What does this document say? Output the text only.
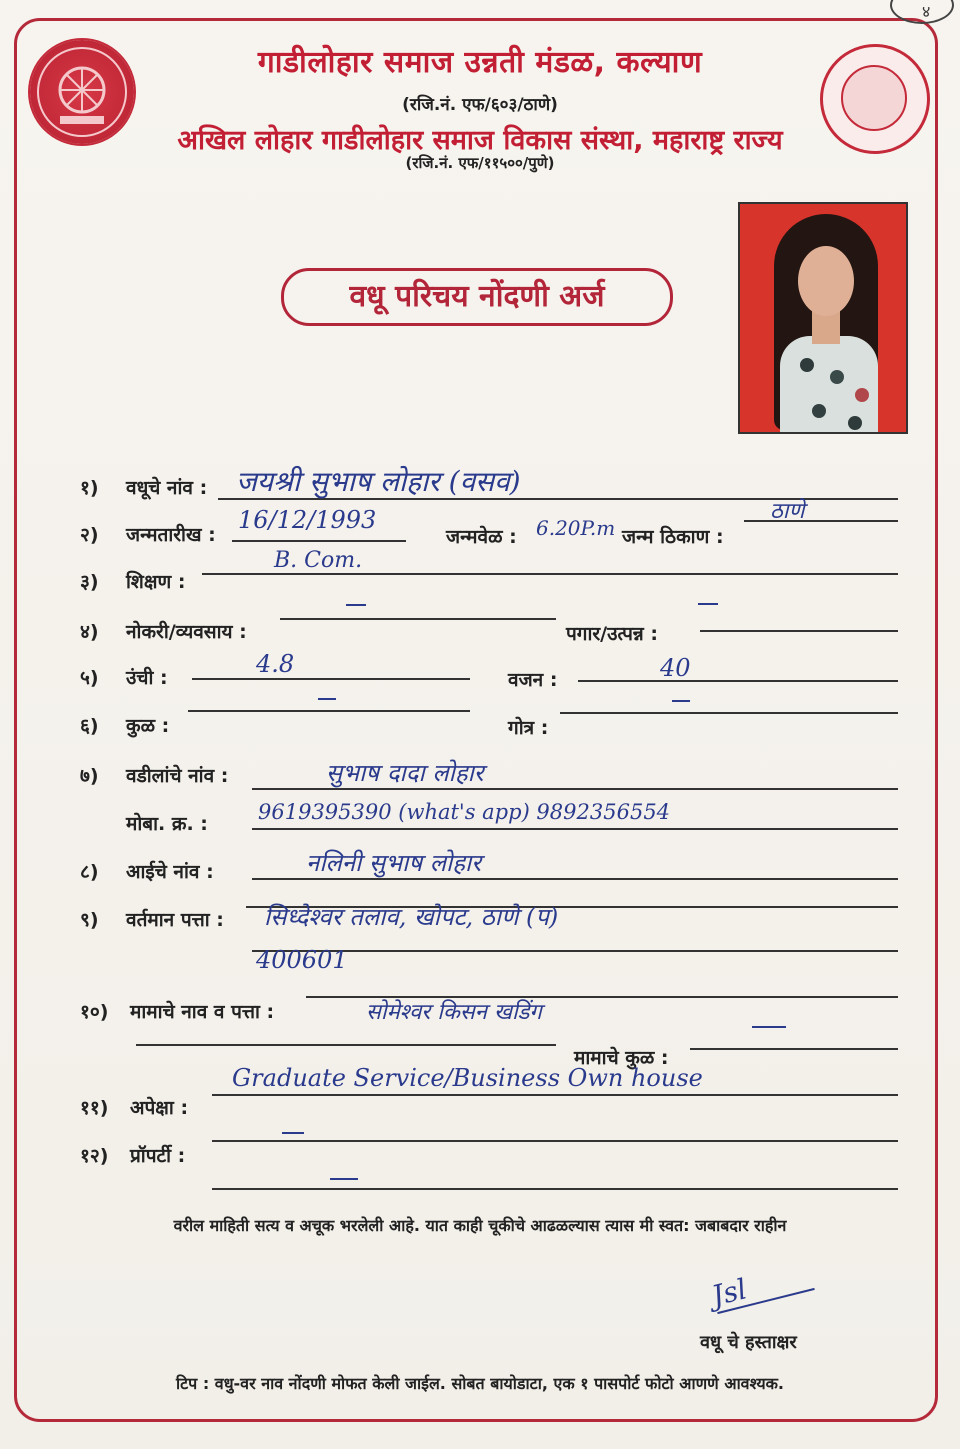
४
गाडीलोहार समाज उन्नती मंडळ, कल्याण
(रजि.नं. एफ/६०३/ठाणे)
अखिल लोहार गाडीलोहार समाज विकास संस्था, महाराष्ट्र राज्य
(रजि.नं. एफ/११५००/पुणे)
वधू परिचय नोंदणी अर्ज
१) वधूचे नांव : जयश्री सुभाष लोहार (वसव)
२) जन्मतारीख :
16/12/1993
जन्मवेळ : 6.20P.m जन्म ठिकाण :
ठाणे
३) शिक्षण :
B. Com.
४) नोकरी/व्यवसाय :	पगार/उत्पन्न :
५) उंची :	4.8
वजन :	40
६) कुळ :	गोत्र :
७) वडीलांचे नांव :	सुभाष दादा लोहार
मोबा. क्र. : 9619395390 (what's app) 9892356554
८) आईचे नांव :	नलिनी सुभाष लोहार
९) वर्तमान पत्ता : सिध्देश्वर तलाव, खोपट, ठाणे (प)
400601
१०) मामाचे नाव व पत्ता :	सोमेश्वर किसन खडिंग
मामाचे कुळ :
११) अपेक्षा :
Graduate Service/Business Own house
१२) प्रॉपर्टी :
वरील माहिती सत्य व अचूक भरलेली आहे. यात काही चूकीचे आढळल्यास त्यास मी स्वत: जबाबदार राहीन
Jsl
वधू चे हस्ताक्षर
टिप : वधु-वर नाव नोंदणी मोफत केली जाईल. सोबत बायोडाटा, एक १ पासपोर्ट फोटो आणणे आवश्यक.
